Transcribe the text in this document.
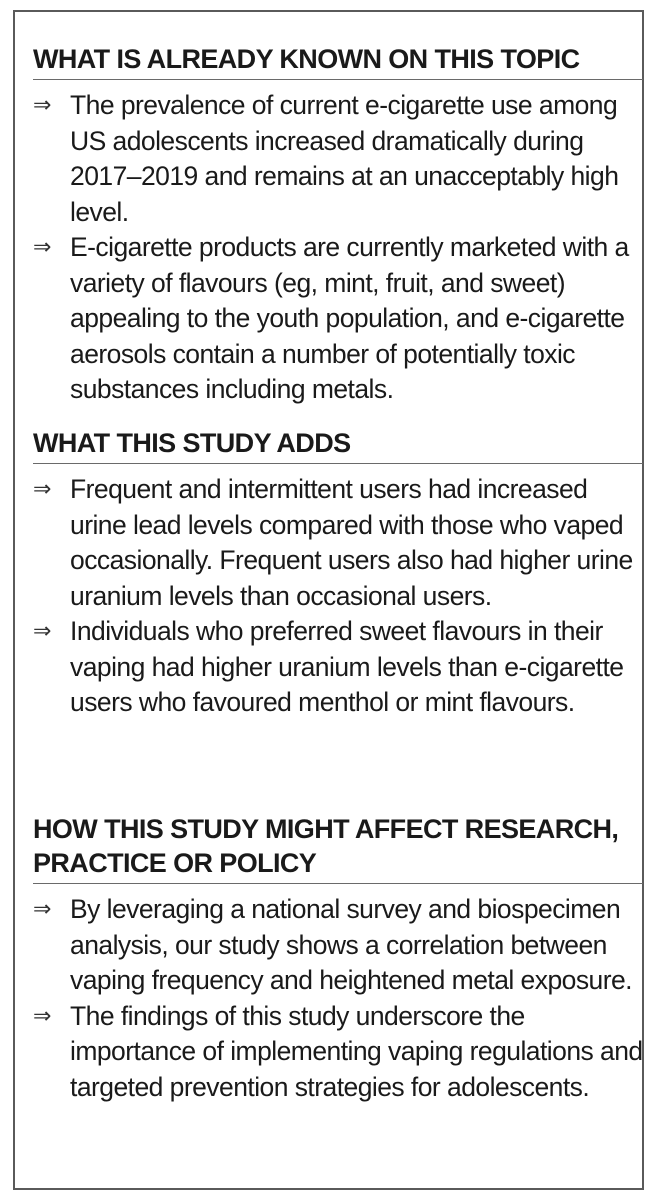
WHAT IS ALREADY KNOWN ON THIS TOPIC
⇒ The prevalence of current e-cigarette use among US adolescents increased dramatically during 2017–2019 and remains at an unacceptably high level.
⇒ E-cigarette products are currently marketed with a variety of flavours (eg, mint, fruit, and sweet) appealing to the youth population, and e-cigarette aerosols contain a number of potentially toxic substances including metals.
WHAT THIS STUDY ADDS
⇒ Frequent and intermittent users had increased urine lead levels compared with those who vaped occasionally. Frequent users also had higher urine uranium levels than occasional users.
⇒ Individuals who preferred sweet flavours in their vaping had higher uranium levels than e-cigarette users who favoured menthol or mint flavours.
HOW THIS STUDY MIGHT AFFECT RESEARCH, PRACTICE OR POLICY
⇒ By leveraging a national survey and biospecimen analysis, our study shows a correlation between vaping frequency and heightened metal exposure.
⇒ The findings of this study underscore the importance of implementing vaping regulations and targeted prevention strategies for adolescents.
